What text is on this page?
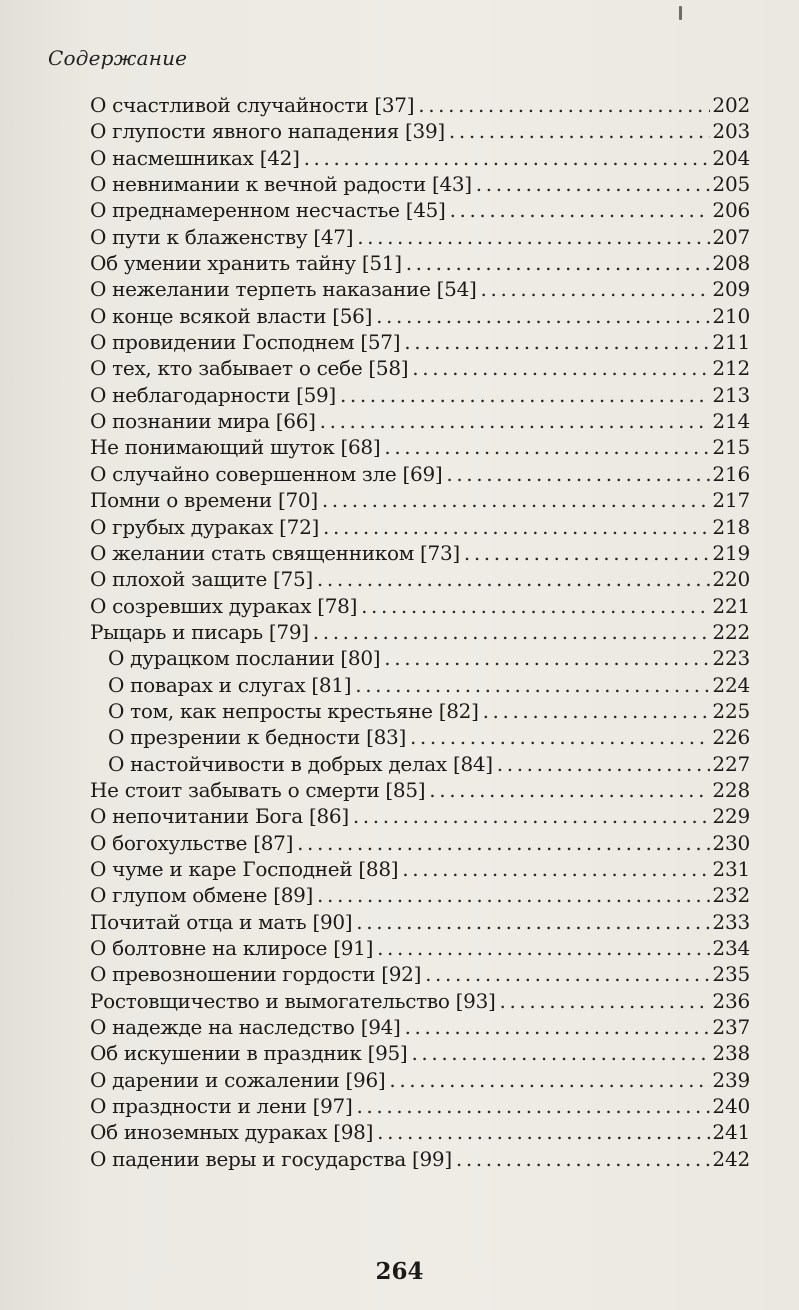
Содержание
О счастливой случайности [37] .....	202
О глупости явного нападения [39] .....	203
О насмешниках [42] .....	204
О невнимании к вечной радости [43] .....	205
О преднамеренном несчастье [45] .....	206
О пути к блаженству [47] .....	207
Об умении хранить тайну [51] .....	208
О нежелании терпеть наказание [54] .....	209
О конце всякой власти [56] .....	210
О провидении Господнем [57] .....	211
О тех, кто забывает о себе [58] .....	212
О неблагодарности [59] .....	213
О познании мира [66] .....	214
Не понимающий шуток [68] .....	215
О случайно совершенном зле [69] .....	216
Помни о времени [70] .....	217
О грубых дураках [72] .....	218
О желании стать священником [73] .....	219
О плохой защите [75] .....	220
О созревших дураках [78] .....	221
Рыцарь и писарь [79] .....	222
О дурацком послании [80] .....	223
О поварах и слугах [81] .....	224
О том, как непросты крестьяне [82] .....	225
О презрении к бедности [83] .....	226
О настойчивости в добрых делах [84] .....	227
Не стоит забывать о смерти [85] .....	228
О непочитании Бога [86] .....	229
О богохульстве [87] .....	230
О чуме и каре Господней [88] .....	231
О глупом обмене [89] .....	232
Почитай отца и мать [90] .....	233
О болтовне на клиросе [91] .....	234
О превозношении гордости [92] .....	235
Ростовщичество и вымогательство [93] .....	236
О надежде на наследство [94] .....	237
Об искушении в праздник [95] .....	238
О дарении и сожалении [96] .....	239
О праздности и лени [97] .....	240
Об иноземных дураках [98] .....	241
О падении веры и государства [99] .....	242
264
